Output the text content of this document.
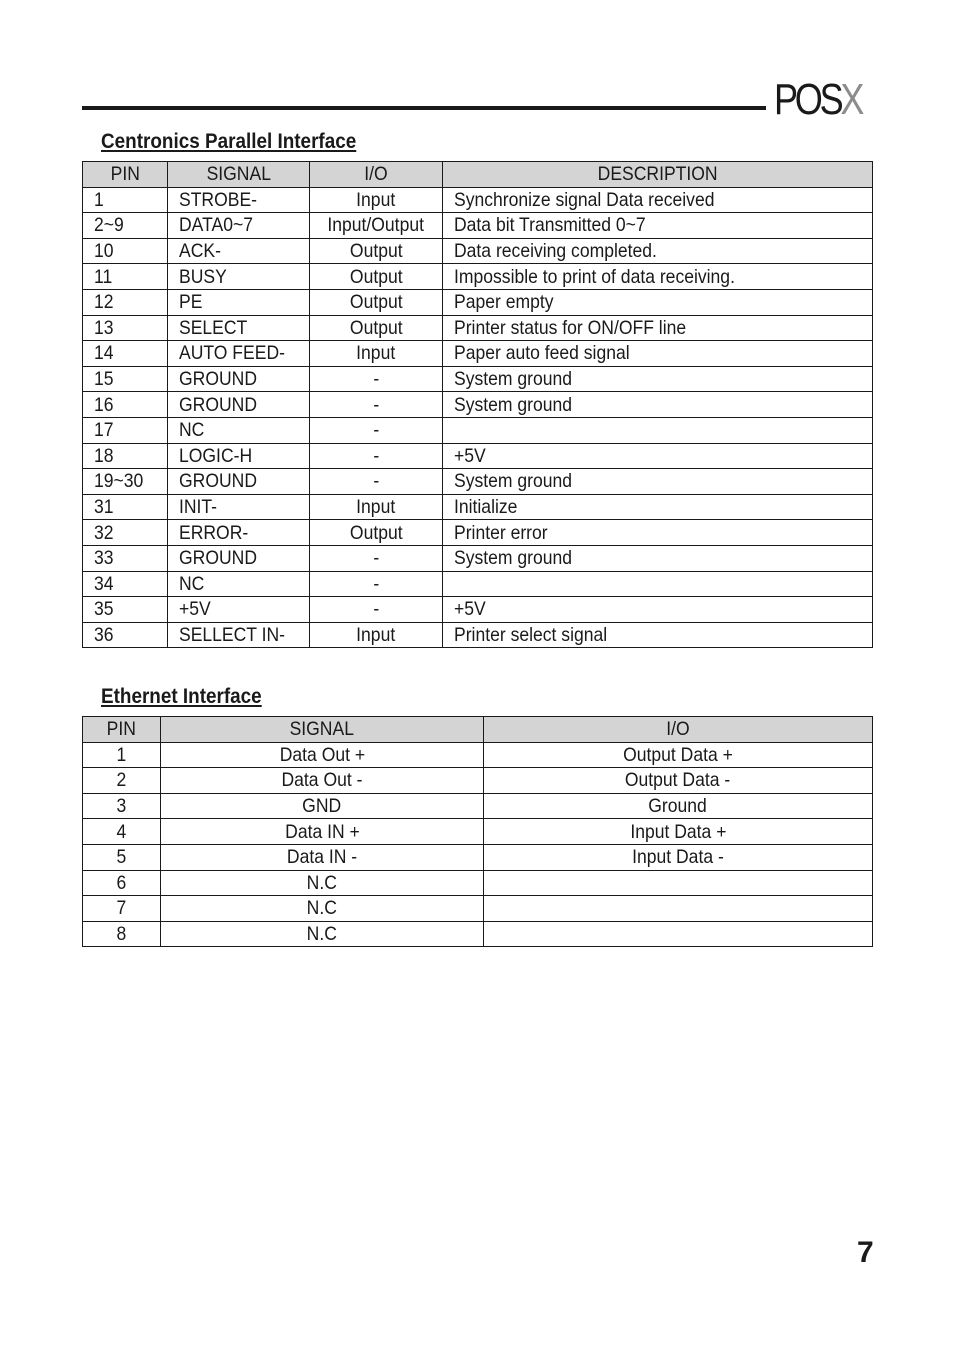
POSX
Centronics Parallel Interface
PIN	SIGNAL	I/O	DESCRIPTION
1	STROBE-	Input	Synchronize signal Data received
2~9	DATA0~7	Input/Output	Data bit Transmitted 0~7
10	ACK-	Output	Data receiving completed.
11	BUSY	Output	Impossible to print of data receiving.
12	PE	Output	Paper empty
13	SELECT	Output	Printer status for ON/OFF line
14	AUTO FEED-	Input	Paper auto feed signal
15	GROUND	-	System ground
16	GROUND	-	System ground
17	NC	-	
18	LOGIC-H	-	+5V
19~30	GROUND	-	System ground
31	INIT-	Input	Initialize
32	ERROR-	Output	Printer error
33	GROUND	-	System ground
34	NC	-	
35	+5V	-	+5V
36	SELLECT IN-	Input	Printer select signal
Ethernet Interface
PIN	SIGNAL	I/O
1	Data Out +	Output Data +
2	Data Out -	Output Data -
3	GND	Ground
4	Data IN +	Input Data +
5	Data IN -	Input Data -
6	N.C	
7	N.C	
8	N.C	
7
